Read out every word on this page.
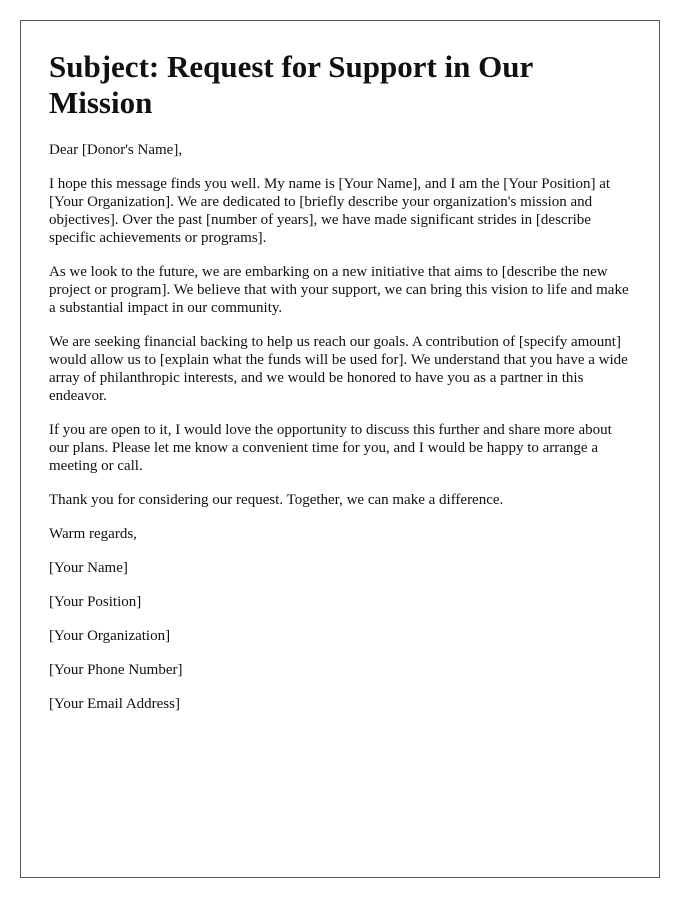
Subject: Request for Support in Our Mission

Dear [Donor's Name],

I hope this message finds you well. My name is [Your Name], and I am the [Your Position] at [Your Organization]. We are dedicated to [briefly describe your organization's mission and objectives]. Over the past [number of years], we have made significant strides in [describe specific achievements or programs].

As we look to the future, we are embarking on a new initiative that aims to [describe the new project or program]. We believe that with your support, we can bring this vision to life and make a substantial impact in our community.

We are seeking financial backing to help us reach our goals. A contribution of [specify amount] would allow us to [explain what the funds will be used for]. We understand that you have a wide array of philanthropic interests, and we would be honored to have you as a partner in this endeavor.

If you are open to it, I would love the opportunity to discuss this further and share more about our plans. Please let me know a convenient time for you, and I would be happy to arrange a meeting or call.

Thank you for considering our request. Together, we can make a difference.

Warm regards,

[Your Name]

[Your Position]

[Your Organization]

[Your Phone Number]

[Your Email Address]
